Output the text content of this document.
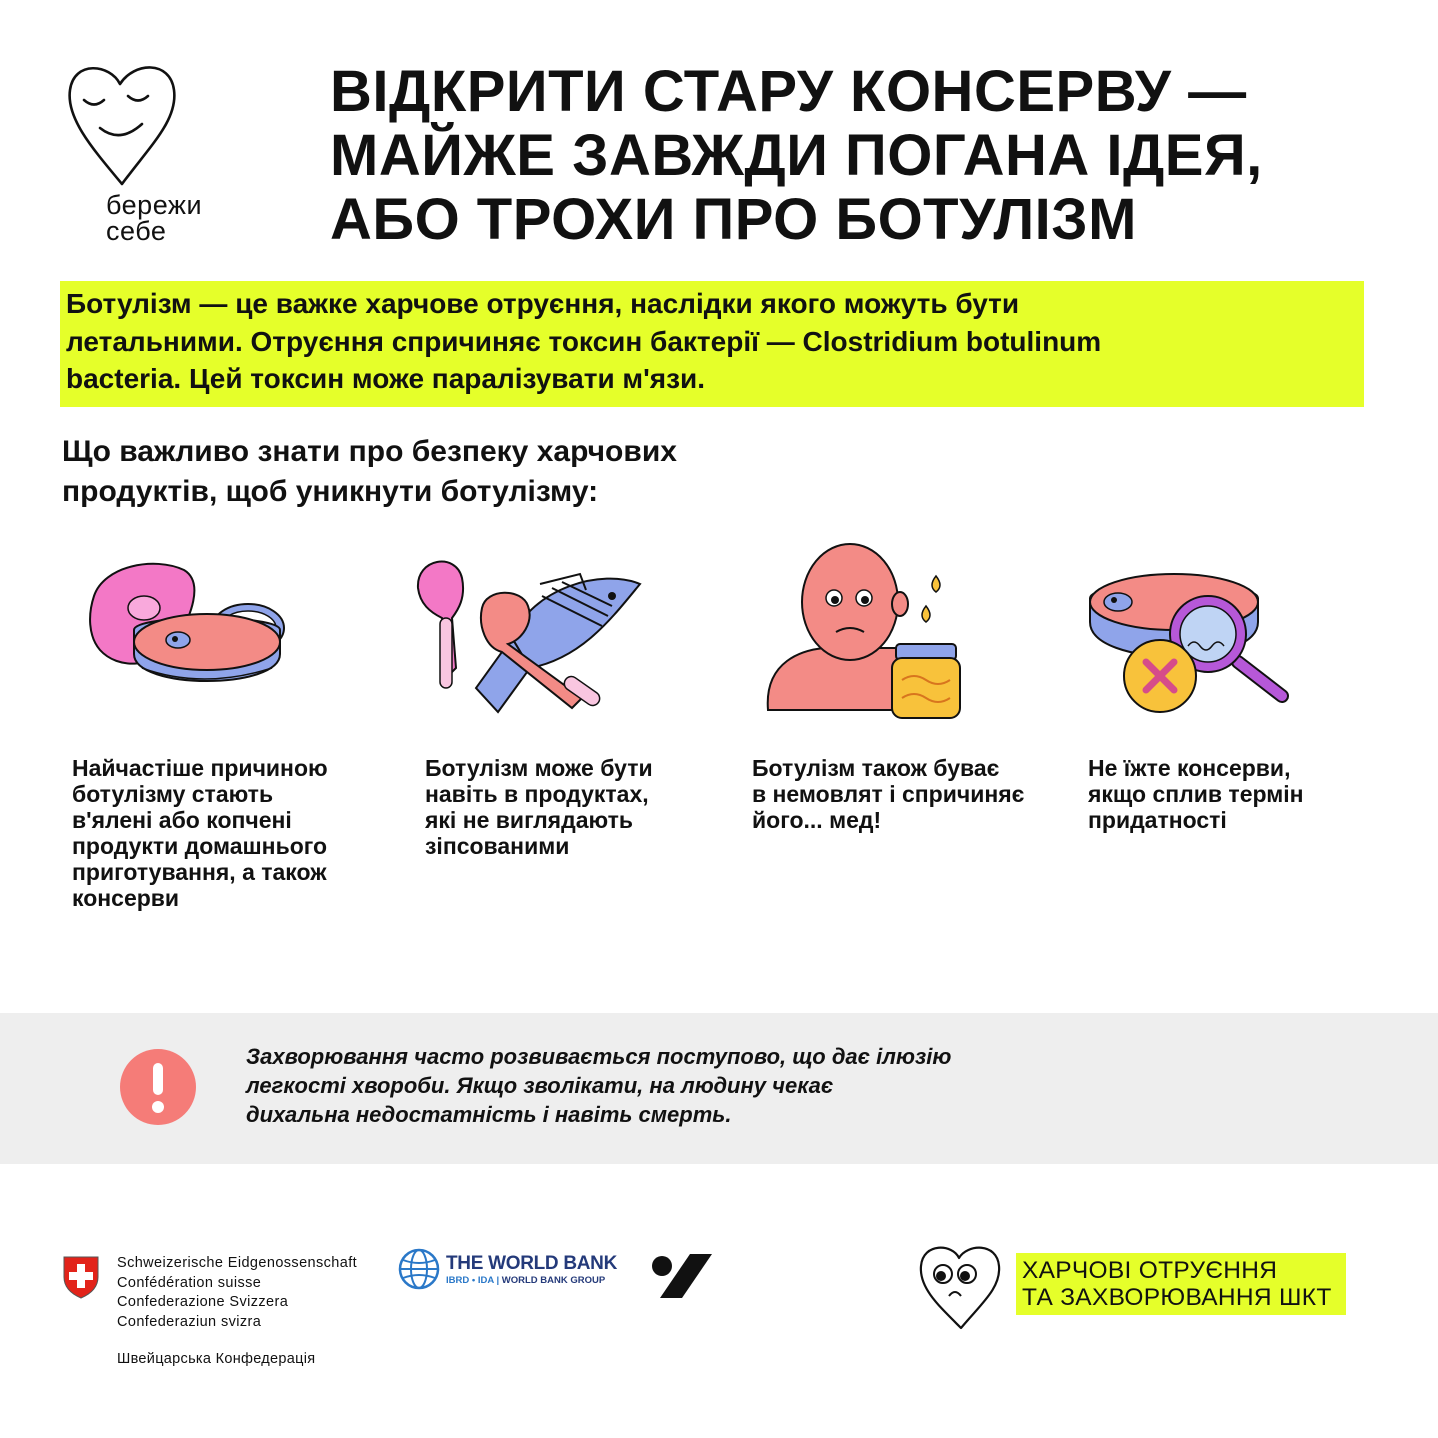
бережи
себе
ВІДКРИТИ СТАРУ КОНСЕРВУ —
МАЙЖЕ ЗАВЖДИ ПОГАНА ІДЕЯ,
АБО ТРОХИ ПРО БОТУЛІЗМ
Ботулізм — це важке харчове отруєння, наслідки якого можуть бути
летальними. Отруєння спричиняє токсин бактерії — Clostridium botulinum
bacteria. Цей токсин може паралізувати м'язи.
Що важливо знати про безпеку харчових
продуктів, щоб уникнути ботулізму:
Найчастіше причиною
ботулізму стають
в'ялені або копчені
продукти домашнього
приготування, а також
консерви
Ботулізм може бути
навіть в продуктах,
які не виглядають
зіпсованими
Ботулізм також буває
в немовлят і спричиняє
його... мед!
Не їжте консерви,
якщо сплив термін
придатності
Захворювання часто розвивається поступово, що дає ілюзію
легкості хвороби. Якщо зволікати, на людину чекає
дихальна недостатність і навіть смерть.
Schweizerische Eidgenossenschaft
Confédération suisse
Confederazione Svizzera
Confederaziun svizra
Швейцарська Конфедерація
THE WORLD BANK
IBRD • IDA | WORLD BANK GROUP	ХАРЧОВІ ОТРУЄННЯ
ТА ЗАХВОРЮВАННЯ ШКТ
